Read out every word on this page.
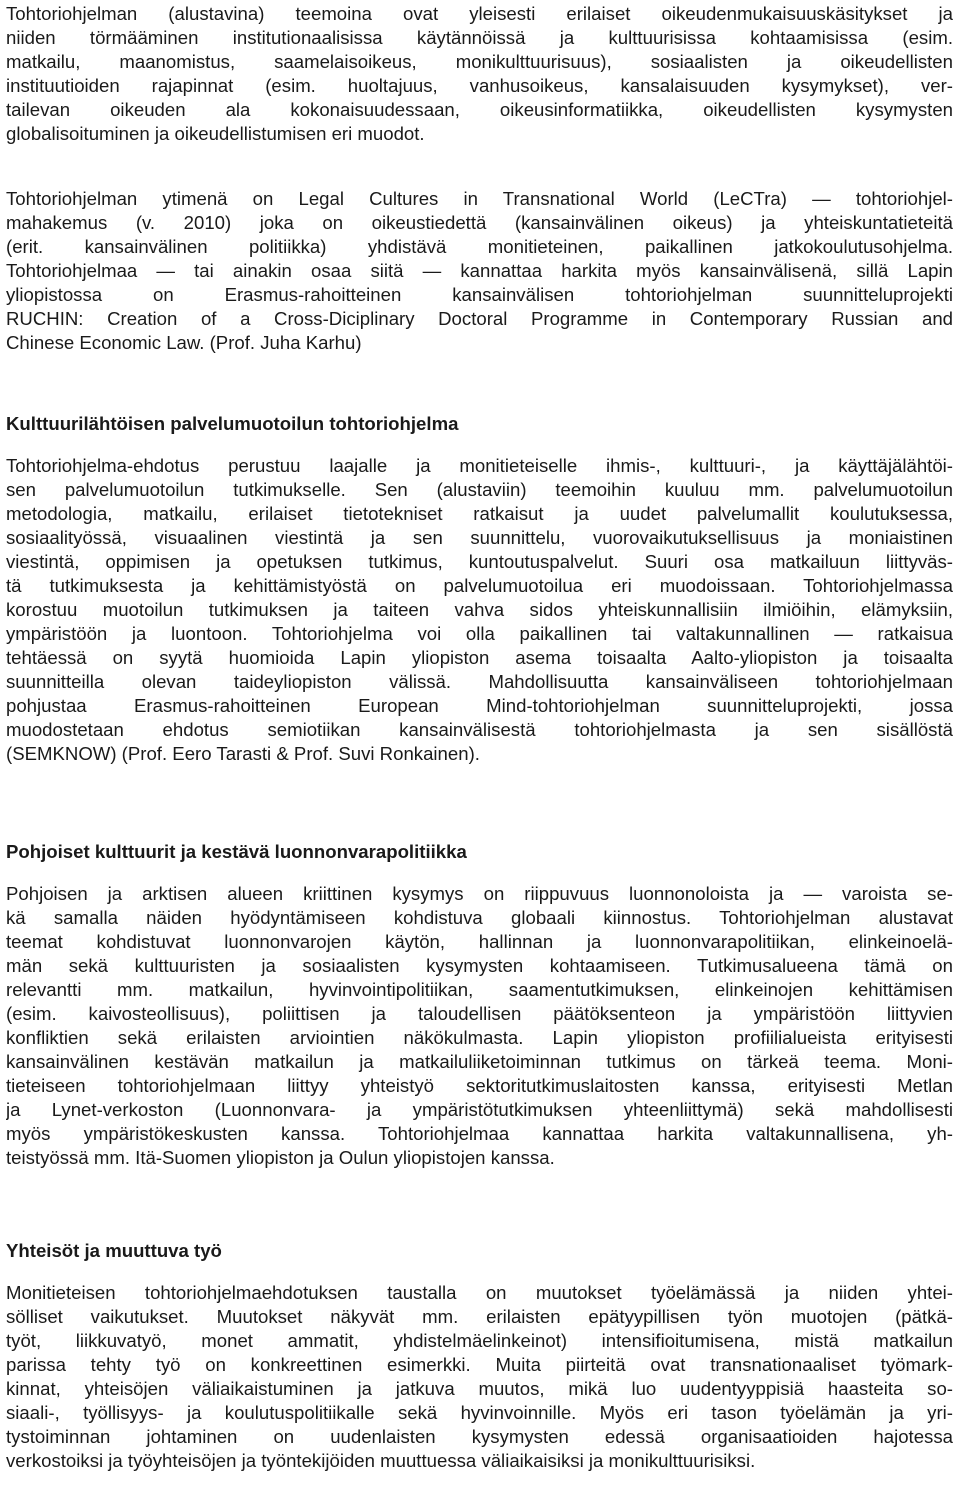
Tohtoriohjelman (alustavina) teemoina ovat yleisesti erilaiset oikeudenmukaisuuskäsitykset ja
niiden törmääminen institutionaalisissa käytännöissä ja kulttuurisissa kohtaamisissa (esim.
matkailu, maanomistus, saamelaisoikeus, monikulttuurisuus), sosiaalisten ja oikeudellisten
instituutioiden rajapinnat (esim. huoltajuus, vanhusoikeus, kansalaisuuden kysymykset), ver-
tailevan oikeuden ala kokonaisuudessaan, oikeusinformatiikka, oikeudellisten kysymysten
globalisoituminen ja oikeudellistumisen eri muodot.
Tohtoriohjelman ytimenä on Legal Cultures in Transnational World (LeCTra) — tohtoriohjel-
mahakemus (v. 2010) joka on oikeustiedettä (kansainvälinen oikeus) ja yhteiskuntatieteitä
(erit. kansainvälinen politiikka) yhdistävä monitieteinen, paikallinen jatkokoulutusohjelma.
Tohtoriohjelmaa — tai ainakin osaa siitä — kannattaa harkita myös kansainvälisenä, sillä Lapin
yliopistossa on Erasmus-rahoitteinen kansainvälisen tohtoriohjelman suunnitteluprojekti
RUCHIN: Creation of a Cross-Diciplinary Doctoral Programme in Contemporary Russian and
Chinese Economic Law. (Prof. Juha Karhu)
Kulttuurilähtöisen palvelumuotoilun tohtoriohjelma
Tohtoriohjelma-ehdotus perustuu laajalle ja monitieteiselle ihmis-, kulttuuri-, ja käyttäjälähtöi-
sen palvelumuotoilun tutkimukselle. Sen (alustaviin) teemoihin kuuluu mm. palvelumuotoilun
metodologia, matkailu, erilaiset tietotekniset ratkaisut ja uudet palvelumallit koulutuksessa,
sosiaalityössä, visuaalinen viestintä ja sen suunnittelu, vuorovaikutuksellisuus ja moniaistinen
viestintä, oppimisen ja opetuksen tutkimus, kuntoutuspalvelut. Suuri osa matkailuun liittyväs-
tä tutkimuksesta ja kehittämistyöstä on palvelumuotoilua eri muodoissaan. Tohtoriohjelmassa
korostuu muotoilun tutkimuksen ja taiteen vahva sidos yhteiskunnallisiin ilmiöihin, elämyksiin,
ympäristöön ja luontoon. Tohtoriohjelma voi olla paikallinen tai valtakunnallinen — ratkaisua
tehtäessä on syytä huomioida Lapin yliopiston asema toisaalta Aalto-yliopiston ja toisaalta
suunnitteilla olevan taideyliopiston välissä. Mahdollisuutta kansainväliseen tohtoriohjelmaan
pohjustaa Erasmus-rahoitteinen European Mind-tohtoriohjelman suunnitteluprojekti, jossa
muodostetaan ehdotus semiotiikan kansainvälisestä tohtoriohjelmasta ja sen sisällöstä
(SEMKNOW) (Prof. Eero Tarasti & Prof. Suvi Ronkainen).
Pohjoiset kulttuurit ja kestävä luonnonvarapolitiikka
Pohjoisen ja arktisen alueen kriittinen kysymys on riippuvuus luonnonoloista ja — varoista se-
kä samalla näiden hyödyntämiseen kohdistuva globaali kiinnostus. Tohtoriohjelman alustavat
teemat kohdistuvat luonnonvarojen käytön, hallinnan ja luonnonvarapolitiikan, elinkeinoelä-
män sekä kulttuuristen ja sosiaalisten kysymysten kohtaamiseen. Tutkimusalueena tämä on
relevantti mm. matkailun, hyvinvointipolitiikan, saamentutkimuksen, elinkeinojen kehittämisen
(esim. kaivosteollisuus), poliittisen ja taloudellisen päätöksenteon ja ympäristöön liittyvien
konfliktien sekä erilaisten arviointien näkökulmasta. Lapin yliopiston profiilialueista erityisesti
kansainvälinen kestävän matkailun ja matkailuliiketoiminnan tutkimus on tärkeä teema. Moni-
tieteiseen tohtoriohjelmaan liittyy yhteistyö sektoritutkimuslaitosten kanssa, erityisesti Metlan
ja Lynet-verkoston (Luonnonvara- ja ympäristötutkimuksen yhteenliittymä) sekä mahdollisesti
myös ympäristökeskusten kanssa. Tohtoriohjelmaa kannattaa harkita valtakunnallisena, yh-
teistyössä mm. Itä-Suomen yliopiston ja Oulun yliopistojen kanssa.
Yhteisöt ja muuttuva työ
Monitieteisen tohtoriohjelmaehdotuksen taustalla on muutokset työelämässä ja niiden yhtei-
sölliset vaikutukset. Muutokset näkyvät mm. erilaisten epätyypillisen työn muotojen (pätkä-
työt, liikkuvatyö, monet ammatit, yhdistelmäelinkeinot) intensifioitumisena, mistä matkailun
parissa tehty työ on konkreettinen esimerkki. Muita piirteitä ovat transnationaaliset työmark-
kinnat, yhteisöjen väliaikaistuminen ja jatkuva muutos, mikä luo uudentyyppisiä haasteita so-
siaali-, työllisyys- ja koulutuspolitiikalle sekä hyvinvoinnille. Myös eri tason työelämän ja yri-
tystoiminnan johtaminen on uudenlaisten kysymysten edessä organisaatioiden hajotessa
verkostoiksi ja työyhteisöjen ja työntekijöiden muuttuessa väliaikaisiksi ja monikulttuurisiksi.
